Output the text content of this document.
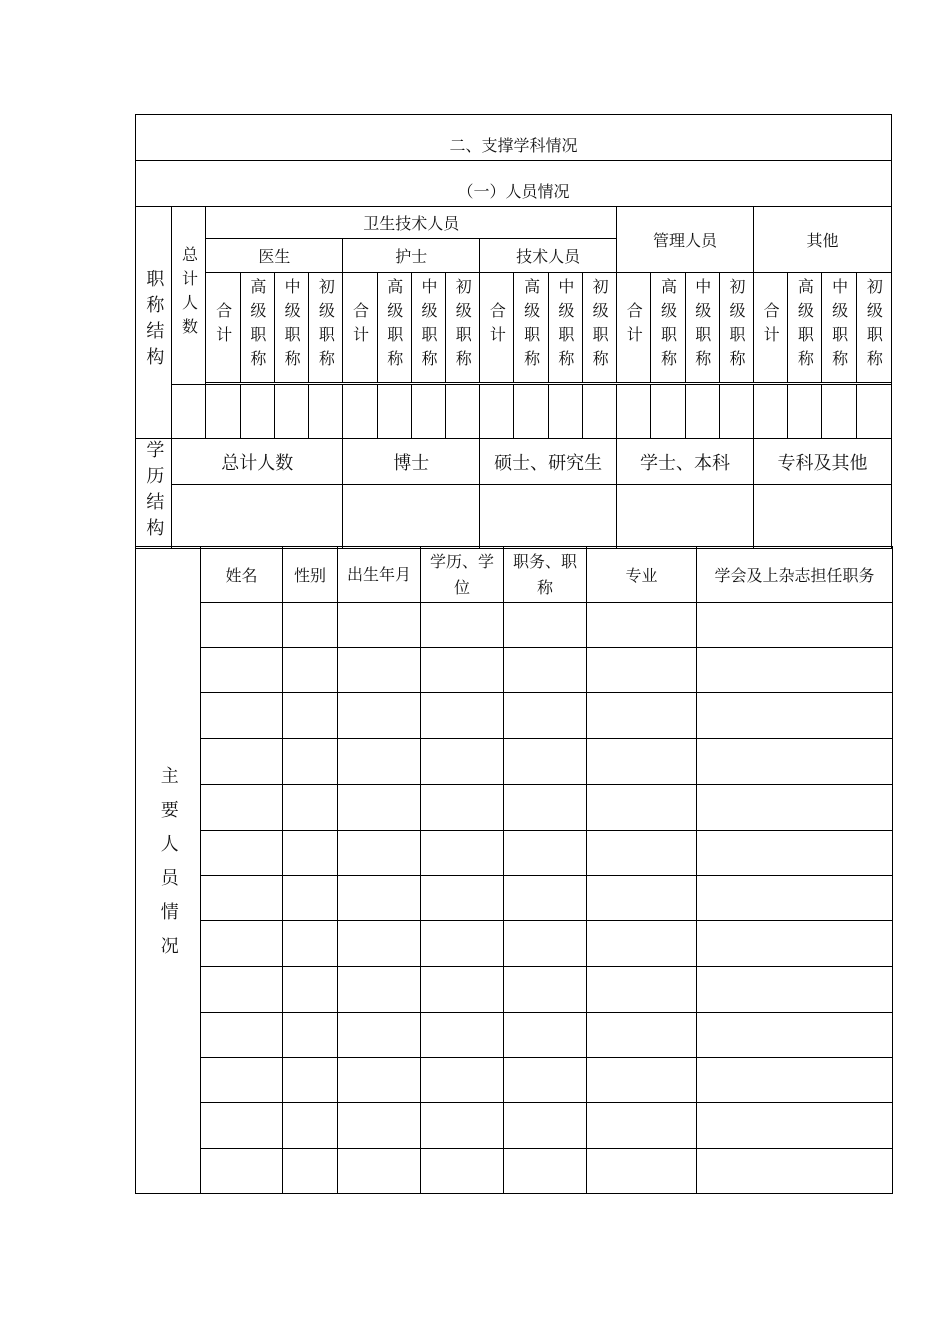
二、支撑学科情况																					
（一）人员情况																					
职称结构	总计人数	卫生技术人员												管理人员				其他			
		医生				护士				技术人员											
		合计	高级职称	中级职称	初级职称	合计	高级职称	中级职称	初级职称	合计	高级职称	中级职称	初级职称	合计	高级职称	中级职称	初级职称	合计	高级职称	中级职称	初级职称

学历结构	总计人数					博士				硕士、研究生				学士、本科				专科及其他			

主要人员情况	姓名	性别	出生年月	学历、学位	职务、职称	专业	学会及上杂志担任职务
